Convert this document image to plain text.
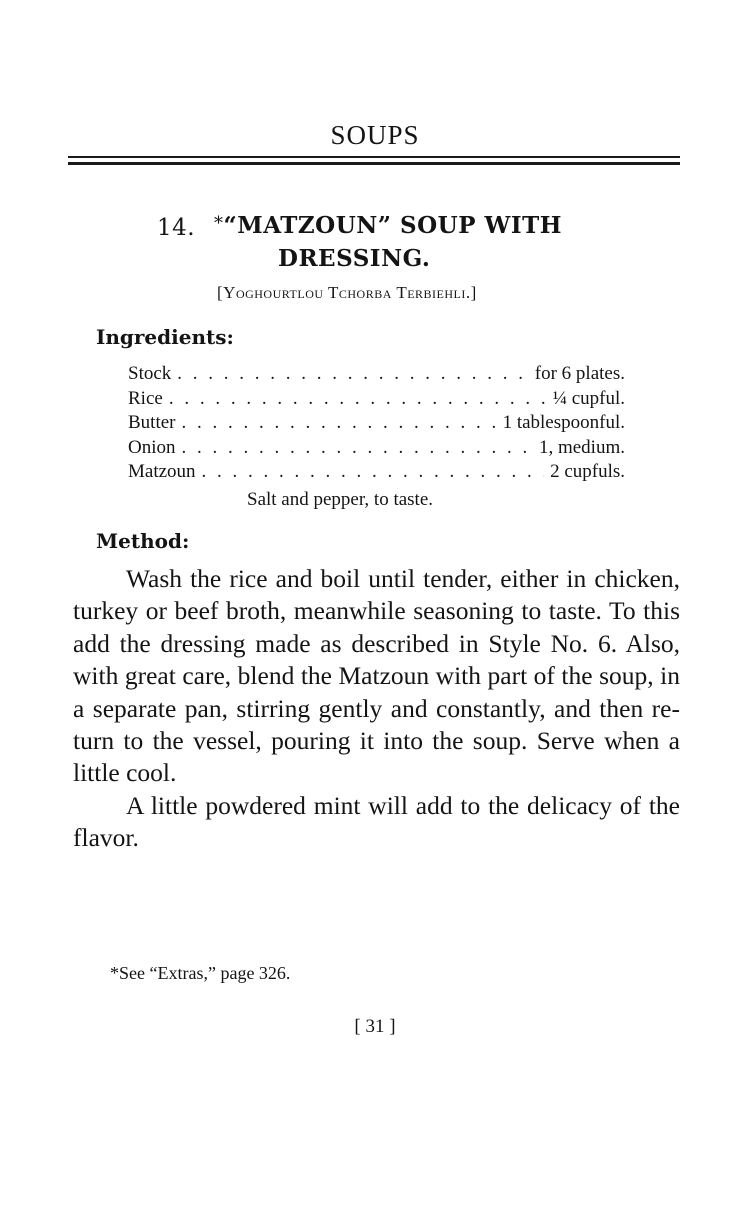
SOUPS
14. *“MATZOUN” SOUP WITH
DRESSING.
[Yoghourtlou Tchorba Terbiehli.]
Ingredients:
Stock . . .	for 6 plates.
Rice . . .	¼ cupful.
Butter . . .	1 tablespoonful.
Onion . . .	1, medium.
Matzoun . . .	2 cupfuls.
Salt and pepper, to taste.
Method:

Wash the rice and boil until tender, either in chicken, turkey or beef broth, meanwhile seasoning to taste. To this add the dressing made as described in Style No. 6. Also, with great care, blend the Matzoun with part of the soup, in a separate pan, stirring gently and constantly, and then return to the vessel, pouring it into the soup. Serve when a little cool.

A little powdered mint will add to the delicacy of the flavor.

*See “Extras,” page 326.
[ 31 ]
